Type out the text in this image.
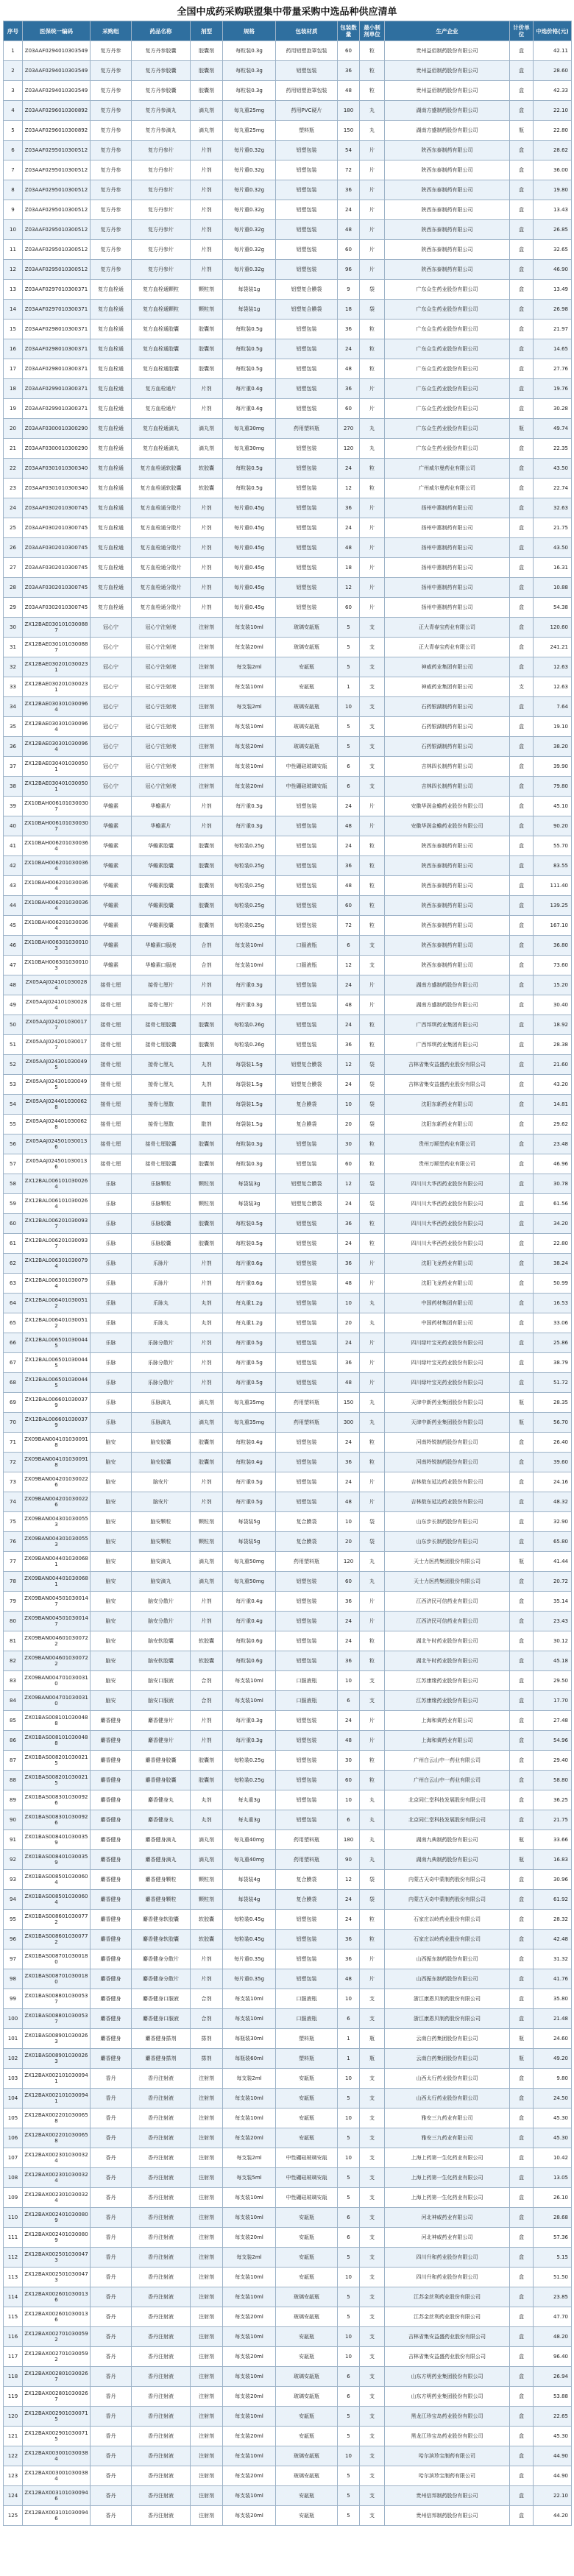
全国中成药采购联盟集中带量采购中选品种供应清单
序号	医保统一编码	采购组	药品名称	剂型	规格	包装材质	包装数量	最小制剂单位	生产企业	计价单位	中选价格(元)
1	Z03AAF0294010303549	复方丹参	复方丹参胶囊	胶囊剂	每粒装0.3g	药用铝塑泡罩包装	60	粒	贵州益佰制药股份有限公司	盒	42.11
2	Z03AAF0294010303549	复方丹参	复方丹参胶囊	胶囊剂	每粒装0.3g	铝塑包装	36	粒	贵州益佰制药股份有限公司	盒	28.60
3	Z03AAF0294010303549	复方丹参	复方丹参胶囊	胶囊剂	每粒装0.3g	药用铝塑泡罩包装	48	粒	贵州益佰制药股份有限公司	盒	42.33
4	Z03AAF0296010300892	复方丹参	复方丹参滴丸	滴丸剂	每丸重25mg	药用PVC硬片	180	丸	湖南方盛制药股份有限公司	盒	22.10
5	Z03AAF0296010300892	复方丹参	复方丹参滴丸	滴丸剂	每丸重25mg	塑料瓶	150	丸	湖南方盛制药股份有限公司	瓶	22.80
6	Z03AAF0295010300512	复方丹参	复方丹参片	片剂	每片重0.32g	铝塑包装	54	片	陕西东泰制药有限公司	盒	28.62
7	Z03AAF0295010300512	复方丹参	复方丹参片	片剂	每片重0.32g	铝塑包装	72	片	陕西东泰制药有限公司	盒	36.00
8	Z03AAF0295010300512	复方丹参	复方丹参片	片剂	每片重0.32g	铝塑包装	36	片	陕西东泰制药有限公司	盒	19.80
9	Z03AAF0295010300512	复方丹参	复方丹参片	片剂	每片重0.32g	铝塑包装	24	片	陕西东泰制药有限公司	盒	13.43
10	Z03AAF0295010300512	复方丹参	复方丹参片	片剂	每片重0.32g	铝塑包装	48	片	陕西东泰制药有限公司	盒	26.85
11	Z03AAF0295010300512	复方丹参	复方丹参片	片剂	每片重0.32g	铝塑包装	60	片	陕西东泰制药有限公司	盒	32.65
12	Z03AAF0295010300512	复方丹参	复方丹参片	片剂	每片重0.32g	铝塑包装	96	片	陕西东泰制药有限公司	盒	46.90
13	Z03AAF0297010300371	复方血栓通	复方血栓通颗粒	颗粒剂	每袋装1g	铝塑复合膜袋	9	袋	广东众生药业股份有限公司	盒	13.49
14	Z03AAF0297010300371	复方血栓通	复方血栓通颗粒	颗粒剂	每袋装1g	铝塑复合膜袋	18	袋	广东众生药业股份有限公司	盒	26.98
15	Z03AAF0298010300371	复方血栓通	复方血栓通胶囊	胶囊剂	每粒装0.5g	铝塑包装	36	粒	广东众生药业股份有限公司	盒	21.97
16	Z03AAF0298010300371	复方血栓通	复方血栓通胶囊	胶囊剂	每粒装0.5g	铝塑包装	24	粒	广东众生药业股份有限公司	盒	14.65
17	Z03AAF0298010300371	复方血栓通	复方血栓通胶囊	胶囊剂	每粒装0.5g	铝塑包装	48	粒	广东众生药业股份有限公司	盒	27.76
18	Z03AAF0299010300371	复方血栓通	复方血栓通片	片剂	每片重0.4g	铝塑包装	36	片	广东众生药业股份有限公司	盒	19.76
19	Z03AAF0299010300371	复方血栓通	复方血栓通片	片剂	每片重0.4g	铝塑包装	60	片	广东众生药业股份有限公司	盒	30.28
20	Z03AAF0300010300290	复方血栓通	复方血栓通滴丸	滴丸剂	每丸重30mg	药用塑料瓶	270	丸	广东众生药业股份有限公司	瓶	49.74
21	Z03AAF0300010300290	复方血栓通	复方血栓通滴丸	滴丸剂	每丸重30mg	铝塑包装	120	丸	广东众生药业股份有限公司	盒	22.35
22	Z03AAF0301010300340	复方血栓通	复方血栓通软胶囊	软胶囊	每粒装0.5g	铝塑包装	24	粒	广州威尔曼药业有限公司	盒	43.50
23	Z03AAF0301010300340	复方血栓通	复方血栓通软胶囊	软胶囊	每粒装0.5g	铝塑包装	12	粒	广州威尔曼药业有限公司	盒	22.74
24	Z03AAF0302010300745	复方血栓通	复方血栓通分散片	片剂	每片重0.45g	铝塑包装	36	片	扬州中惠制药有限公司	盒	32.63
25	Z03AAF0302010300745	复方血栓通	复方血栓通分散片	片剂	每片重0.45g	铝塑包装	24	片	扬州中惠制药有限公司	盒	21.75
26	Z03AAF0302010300745	复方血栓通	复方血栓通分散片	片剂	每片重0.45g	铝塑包装	48	片	扬州中惠制药有限公司	盒	43.50
27	Z03AAF0302010300745	复方血栓通	复方血栓通分散片	片剂	每片重0.45g	铝塑包装	18	片	扬州中惠制药有限公司	盒	16.31
28	Z03AAF0302010300745	复方血栓通	复方血栓通分散片	片剂	每片重0.45g	铝塑包装	12	片	扬州中惠制药有限公司	盒	10.88
29	Z03AAF0302010300745	复方血栓通	复方血栓通分散片	片剂	每片重0.45g	铝塑包装	60	片	扬州中惠制药有限公司	盒	54.38
30	ZX12BAE0301010300887	冠心宁	冠心宁注射液	注射剂	每支装10ml	玻璃安瓿瓶	5	支	正大青春宝药业有限公司	盒	120.60
31	ZX12BAE0301010300887	冠心宁	冠心宁注射液	注射剂	每支装20ml	玻璃安瓿瓶	5	支	正大青春宝药业有限公司	盒	241.21
32	ZX12BAE0302010300231	冠心宁	冠心宁注射液	注射剂	每支装2ml	安瓿瓶	5	支	神威药业集团有限公司	盒	12.63
33	ZX12BAE0302010300231	冠心宁	冠心宁注射液	注射剂	每支装10ml	安瓿瓶	1	支	神威药业集团有限公司	支	12.63
34	ZX12BAE0303010300964	冠心宁	冠心宁注射液	注射剂	每支装2ml	玻璃安瓿瓶	10	支	石药银湖制药有限公司	盒	7.64
35	ZX12BAE0303010300964	冠心宁	冠心宁注射液	注射剂	每支装10ml	玻璃安瓿瓶	5	支	石药银湖制药有限公司	盒	19.10
36	ZX12BAE0303010300964	冠心宁	冠心宁注射液	注射剂	每支装20ml	玻璃安瓿瓶	5	支	石药银湖制药有限公司	盒	38.20
37	ZX12BAE0304010300501	冠心宁	冠心宁注射液	注射剂	每支装10ml	中性硼硅玻璃安瓿	6	支	吉林四长制药有限公司	盒	39.90
38	ZX12BAE0304010300501	冠心宁	冠心宁注射液	注射剂	每支装20ml	中性硼硅玻璃安瓿	6	支	吉林四长制药有限公司	盒	79.80
39	ZX10BAH0061010300307	华蟾素	华蟾素片	片剂	每片重0.3g	铝塑包装	24	片	安徽华润金蟾药业股份有限公司	盒	45.10
40	ZX10BAH0061010300307	华蟾素	华蟾素片	片剂	每片重0.3g	铝塑包装	48	片	安徽华润金蟾药业股份有限公司	盒	90.20
41	ZX10BAH0062010300364	华蟾素	华蟾素胶囊	胶囊剂	每粒装0.25g	铝塑包装	24	粒	陕西东泰制药有限公司	盒	55.70
42	ZX10BAH0062010300364	华蟾素	华蟾素胶囊	胶囊剂	每粒装0.25g	铝塑包装	36	粒	陕西东泰制药有限公司	盒	83.55
43	ZX10BAH0062010300364	华蟾素	华蟾素胶囊	胶囊剂	每粒装0.25g	铝塑包装	48	粒	陕西东泰制药有限公司	盒	111.40
44	ZX10BAH0062010300364	华蟾素	华蟾素胶囊	胶囊剂	每粒装0.25g	铝塑包装	60	粒	陕西东泰制药有限公司	盒	139.25
45	ZX10BAH0062010300364	华蟾素	华蟾素胶囊	胶囊剂	每粒装0.25g	铝塑包装	72	粒	陕西东泰制药有限公司	盒	167.10
46	ZX10BAH0063010300103	华蟾素	华蟾素口服液	合剂	每支装10ml	口服液瓶	6	支	陕西东泰制药有限公司	盒	36.80
47	ZX10BAH0063010300103	华蟾素	华蟾素口服液	合剂	每支装10ml	口服液瓶	12	支	陕西东泰制药有限公司	盒	73.60
48	ZX05AAJ0241010300284	接骨七厘	接骨七厘片	片剂	每片重0.3g	铝塑包装	24	片	湖南方盛制药股份有限公司	盒	15.20
49	ZX05AAJ0241010300284	接骨七厘	接骨七厘片	片剂	每片重0.3g	铝塑包装	48	片	湖南方盛制药股份有限公司	盒	30.40
50	ZX05AAJ0242010300177	接骨七厘	接骨七厘胶囊	胶囊剂	每粒装0.26g	铝塑包装	24	粒	广西邦琪药业集团有限公司	盒	18.92
51	ZX05AAJ0242010300177	接骨七厘	接骨七厘胶囊	胶囊剂	每粒装0.26g	铝塑包装	36	粒	广西邦琪药业集团有限公司	盒	28.38
52	ZX05AAJ0243010300495	接骨七厘	接骨七厘丸	丸剂	每袋装1.5g	铝塑复合膜袋	12	袋	吉林省集安益盛药业股份有限公司	盒	21.60
53	ZX05AAJ0243010300495	接骨七厘	接骨七厘丸	丸剂	每袋装1.5g	铝塑复合膜袋	24	袋	吉林省集安益盛药业股份有限公司	盒	43.20
54	ZX05AAJ0244010300628	接骨七厘	接骨七厘散	散剂	每袋装1.5g	复合膜袋	10	袋	沈阳东新药业有限公司	盒	14.81
55	ZX05AAJ0244010300628	接骨七厘	接骨七厘散	散剂	每袋装1.5g	复合膜袋	20	袋	沈阳东新药业有限公司	盒	29.62
56	ZX05AAJ0245010300136	接骨七厘	接骨七厘胶囊	胶囊剂	每粒装0.3g	铝塑包装	30	粒	贵州万顺堂药业有限公司	盒	23.48
57	ZX05AAJ0245010300136	接骨七厘	接骨七厘胶囊	胶囊剂	每粒装0.3g	铝塑包装	60	粒	贵州万顺堂药业有限公司	盒	46.96
58	ZX12BAL0061010300264	乐脉	乐脉颗粒	颗粒剂	每袋装3g	铝塑复合膜袋	12	袋	四川川大华西药业股份有限公司	盒	30.78
59	ZX12BAL0061010300264	乐脉	乐脉颗粒	颗粒剂	每袋装3g	铝塑复合膜袋	24	袋	四川川大华西药业股份有限公司	盒	61.56
60	ZX12BAL0062010300937	乐脉	乐脉胶囊	胶囊剂	每粒装0.5g	铝塑包装	36	粒	四川川大华西药业股份有限公司	盒	34.20
61	ZX12BAL0062010300937	乐脉	乐脉胶囊	胶囊剂	每粒装0.5g	铝塑包装	24	粒	四川川大华西药业股份有限公司	盒	22.80
62	ZX12BAL0063010300794	乐脉	乐脉片	片剂	每片重0.6g	铝塑包装	36	片	沈阳飞龙药业有限公司	盒	38.24
63	ZX12BAL0063010300794	乐脉	乐脉片	片剂	每片重0.6g	铝塑包装	48	片	沈阳飞龙药业有限公司	盒	50.99
64	ZX12BAL0064010300512	乐脉	乐脉丸	丸剂	每丸重1.2g	铝塑包装	10	丸	中国药材集团有限公司	盒	16.53
65	ZX12BAL0064010300512	乐脉	乐脉丸	丸剂	每丸重1.2g	铝塑包装	20	丸	中国药材集团有限公司	盒	33.06
66	ZX12BAL0065010300445	乐脉	乐脉分散片	片剂	每片重0.5g	铝塑包装	24	片	四川绿叶宝光药业股份有限公司	盒	25.86
67	ZX12BAL0065010300445	乐脉	乐脉分散片	片剂	每片重0.5g	铝塑包装	36	片	四川绿叶宝光药业股份有限公司	盒	38.79
68	ZX12BAL0065010300445	乐脉	乐脉分散片	片剂	每片重0.5g	铝塑包装	48	片	四川绿叶宝光药业股份有限公司	盒	51.72
69	ZX12BAL0066010300379	乐脉	乐脉滴丸	滴丸剂	每丸重35mg	药用塑料瓶	150	丸	天津中新药业集团股份有限公司	瓶	28.35
70	ZX12BAL0066010300379	乐脉	乐脉滴丸	滴丸剂	每丸重35mg	药用塑料瓶	300	丸	天津中新药业集团股份有限公司	瓶	56.70
71	ZX09BAN0041010300918	脑安	脑安胶囊	胶囊剂	每粒装0.4g	铝塑包装	24	粒	河南羚锐制药股份有限公司	盒	26.40
72	ZX09BAN0041010300918	脑安	脑安胶囊	胶囊剂	每粒装0.4g	铝塑包装	36	粒	河南羚锐制药股份有限公司	盒	39.60
73	ZX09BAN0042010300226	脑安	脑安片	片剂	每片重0.5g	铝塑包装	24	片	吉林敖东延边药业股份有限公司	盒	24.16
74	ZX09BAN0042010300226	脑安	脑安片	片剂	每片重0.5g	铝塑包装	48	片	吉林敖东延边药业股份有限公司	盒	48.32
75	ZX09BAN0043010300553	脑安	脑安颗粒	颗粒剂	每袋装5g	复合膜袋	10	袋	山东步长制药股份有限公司	盒	32.90
76	ZX09BAN0043010300553	脑安	脑安颗粒	颗粒剂	每袋装5g	复合膜袋	20	袋	山东步长制药股份有限公司	盒	65.80
77	ZX09BAN0044010300681	脑安	脑安滴丸	滴丸剂	每丸重50mg	药用塑料瓶	120	丸	天士力医药集团股份有限公司	瓶	41.44
78	ZX09BAN0044010300681	脑安	脑安滴丸	滴丸剂	每丸重50mg	铝塑包装	60	丸	天士力医药集团股份有限公司	盒	20.72
79	ZX09BAN0045010300147	脑安	脑安分散片	片剂	每片重0.4g	铝塑包装	36	片	江西济民可信药业有限公司	盒	35.14
80	ZX09BAN0045010300147	脑安	脑安分散片	片剂	每片重0.4g	铝塑包装	24	片	江西济民可信药业有限公司	盒	23.43
81	ZX09BAN0046010300722	脑安	脑安软胶囊	软胶囊	每粒装0.6g	铝塑包装	24	粒	湖北午时药业股份有限公司	盒	30.12
82	ZX09BAN0046010300722	脑安	脑安软胶囊	软胶囊	每粒装0.6g	铝塑包装	36	粒	湖北午时药业股份有限公司	盒	45.18
83	ZX09BAN0047010300310	脑安	脑安口服液	合剂	每支装10ml	口服液瓶	10	支	江苏康缘药业股份有限公司	盒	29.50
84	ZX09BAN0047010300310	脑安	脑安口服液	合剂	每支装10ml	口服液瓶	6	支	江苏康缘药业股份有限公司	盒	17.70
85	ZX01BAS0081010300488	麝香健身	麝香健身片	片剂	每片重0.3g	铝塑包装	24	片	上海和黄药业有限公司	盒	27.48
86	ZX01BAS0081010300488	麝香健身	麝香健身片	片剂	每片重0.3g	铝塑包装	48	片	上海和黄药业有限公司	盒	54.96
87	ZX01BAS0082010300215	麝香健身	麝香健身胶囊	胶囊剂	每粒装0.25g	铝塑包装	30	粒	广州白云山中一药业有限公司	盒	29.40
88	ZX01BAS0082010300215	麝香健身	麝香健身胶囊	胶囊剂	每粒装0.25g	铝塑包装	60	粒	广州白云山中一药业有限公司	盒	58.80
89	ZX01BAS0083010300926	麝香健身	麝香健身丸	丸剂	每丸重3g	铝塑包装	10	丸	北京同仁堂科技发展股份有限公司	盒	36.25
90	ZX01BAS0083010300926	麝香健身	麝香健身丸	丸剂	每丸重3g	铝塑包装	6	丸	北京同仁堂科技发展股份有限公司	盒	21.75
91	ZX01BAS0084010300359	麝香健身	麝香健身滴丸	滴丸剂	每丸重40mg	药用塑料瓶	180	丸	湖南九典制药股份有限公司	瓶	33.66
92	ZX01BAS0084010300359	麝香健身	麝香健身滴丸	滴丸剂	每丸重40mg	药用塑料瓶	90	丸	湖南九典制药股份有限公司	瓶	16.83
93	ZX01BAS0085010300604	麝香健身	麝香健身颗粒	颗粒剂	每袋装4g	复合膜袋	12	袋	内蒙古天奇中蒙制药股份有限公司	盒	30.96
94	ZX01BAS0085010300604	麝香健身	麝香健身颗粒	颗粒剂	每袋装4g	复合膜袋	24	袋	内蒙古天奇中蒙制药股份有限公司	盒	61.92
95	ZX01BAS0086010300772	麝香健身	麝香健身软胶囊	软胶囊	每粒装0.45g	铝塑包装	24	粒	石家庄以岭药业股份有限公司	盒	28.32
96	ZX01BAS0086010300772	麝香健身	麝香健身软胶囊	软胶囊	每粒装0.45g	铝塑包装	36	粒	石家庄以岭药业股份有限公司	盒	42.48
97	ZX01BAS0087010300180	麝香健身	麝香健身分散片	片剂	每片重0.35g	铝塑包装	36	片	山西振东制药股份有限公司	盒	31.32
98	ZX01BAS0087010300180	麝香健身	麝香健身分散片	片剂	每片重0.35g	铝塑包装	48	片	山西振东制药股份有限公司	盒	41.76
99	ZX01BAS0088010300537	麝香健身	麝香健身口服液	合剂	每支装10ml	口服液瓶	10	支	浙江康恩贝制药股份有限公司	盒	35.80
100	ZX01BAS0088010300537	麝香健身	麝香健身口服液	合剂	每支装10ml	口服液瓶	6	支	浙江康恩贝制药股份有限公司	盒	21.48
101	ZX01BAS0089010300263	麝香健身	麝香健身搽剂	搽剂	每瓶装30ml	塑料瓶	1	瓶	云南白药集团股份有限公司	瓶	24.60
102	ZX01BAS0089010300263	麝香健身	麝香健身搽剂	搽剂	每瓶装60ml	塑料瓶	1	瓶	云南白药集团股份有限公司	瓶	49.20
103	ZX12BAX0021010300941	香丹	香丹注射液	注射剂	每支装2ml	安瓿瓶	10	支	山西太行药业股份有限公司	盒	9.80
104	ZX12BAX0021010300941	香丹	香丹注射液	注射剂	每支装10ml	安瓿瓶	5	支	山西太行药业股份有限公司	盒	24.50
105	ZX12BAX0022010300658	香丹	香丹注射液	注射剂	每支装10ml	安瓿瓶	10	支	雅安三九药业有限公司	盒	45.30
106	ZX12BAX0022010300658	香丹	香丹注射液	注射剂	每支装20ml	安瓿瓶	5	支	雅安三九药业有限公司	盒	45.30
107	ZX12BAX0023010300324	香丹	香丹注射液	注射剂	每支装2ml	中性硼硅玻璃安瓿	10	支	上海上药第一生化药业有限公司	盒	10.42
108	ZX12BAX0023010300324	香丹	香丹注射液	注射剂	每支装5ml	中性硼硅玻璃安瓿	5	支	上海上药第一生化药业有限公司	盒	13.05
109	ZX12BAX0023010300324	香丹	香丹注射液	注射剂	每支装10ml	中性硼硅玻璃安瓿	5	支	上海上药第一生化药业有限公司	盒	26.10
110	ZX12BAX0024010300809	香丹	香丹注射液	注射剂	每支装10ml	安瓿瓶	6	支	河北神威药业有限公司	盒	28.68
111	ZX12BAX0024010300809	香丹	香丹注射液	注射剂	每支装20ml	安瓿瓶	6	支	河北神威药业有限公司	盒	57.36
112	ZX12BAX0025010300473	香丹	香丹注射液	注射剂	每支装2ml	安瓿瓶	5	支	四川升和药业股份有限公司	盒	5.15
113	ZX12BAX0025010300473	香丹	香丹注射液	注射剂	每支装10ml	安瓿瓶	10	支	四川升和药业股份有限公司	盒	51.50
114	ZX12BAX0026010300136	香丹	香丹注射液	注射剂	每支装10ml	玻璃安瓿瓶	5	支	江苏金丝利药业股份有限公司	盒	23.85
115	ZX12BAX0026010300136	香丹	香丹注射液	注射剂	每支装20ml	玻璃安瓿瓶	5	支	江苏金丝利药业股份有限公司	盒	47.70
116	ZX12BAX0027010300592	香丹	香丹注射液	注射剂	每支装10ml	安瓿瓶	10	支	吉林省集安益盛药业股份有限公司	盒	48.20
117	ZX12BAX0027010300592	香丹	香丹注射液	注射剂	每支装20ml	安瓿瓶	10	支	吉林省集安益盛药业股份有限公司	盒	96.40
118	ZX12BAX0028010300267	香丹	香丹注射液	注射剂	每支装10ml	玻璃安瓿瓶	6	支	山东方明药业集团股份有限公司	盒	26.94
119	ZX12BAX0028010300267	香丹	香丹注射液	注射剂	每支装20ml	玻璃安瓿瓶	6	支	山东方明药业集团股份有限公司	盒	53.88
120	ZX12BAX0029010300715	香丹	香丹注射液	注射剂	每支装10ml	安瓿瓶	5	支	黑龙江珍宝岛药业股份有限公司	盒	22.65
121	ZX12BAX0029010300715	香丹	香丹注射液	注射剂	每支装20ml	安瓿瓶	5	支	黑龙江珍宝岛药业股份有限公司	盒	45.30
122	ZX12BAX0030010300384	香丹	香丹注射液	注射剂	每支装10ml	玻璃安瓿瓶	10	支	哈尔滨珍宝制药有限公司	盒	44.90
123	ZX12BAX0030010300384	香丹	香丹注射液	注射剂	每支装20ml	玻璃安瓿瓶	5	支	哈尔滨珍宝制药有限公司	盒	44.90
124	ZX12BAX0031010300946	香丹	香丹注射液	注射剂	每支装10ml	安瓿瓶	5	支	贵州信邦制药股份有限公司	盒	22.10
125	ZX12BAX0031010300946	香丹	香丹注射液	注射剂	每支装20ml	安瓿瓶	5	支	贵州信邦制药股份有限公司	盒	44.20
